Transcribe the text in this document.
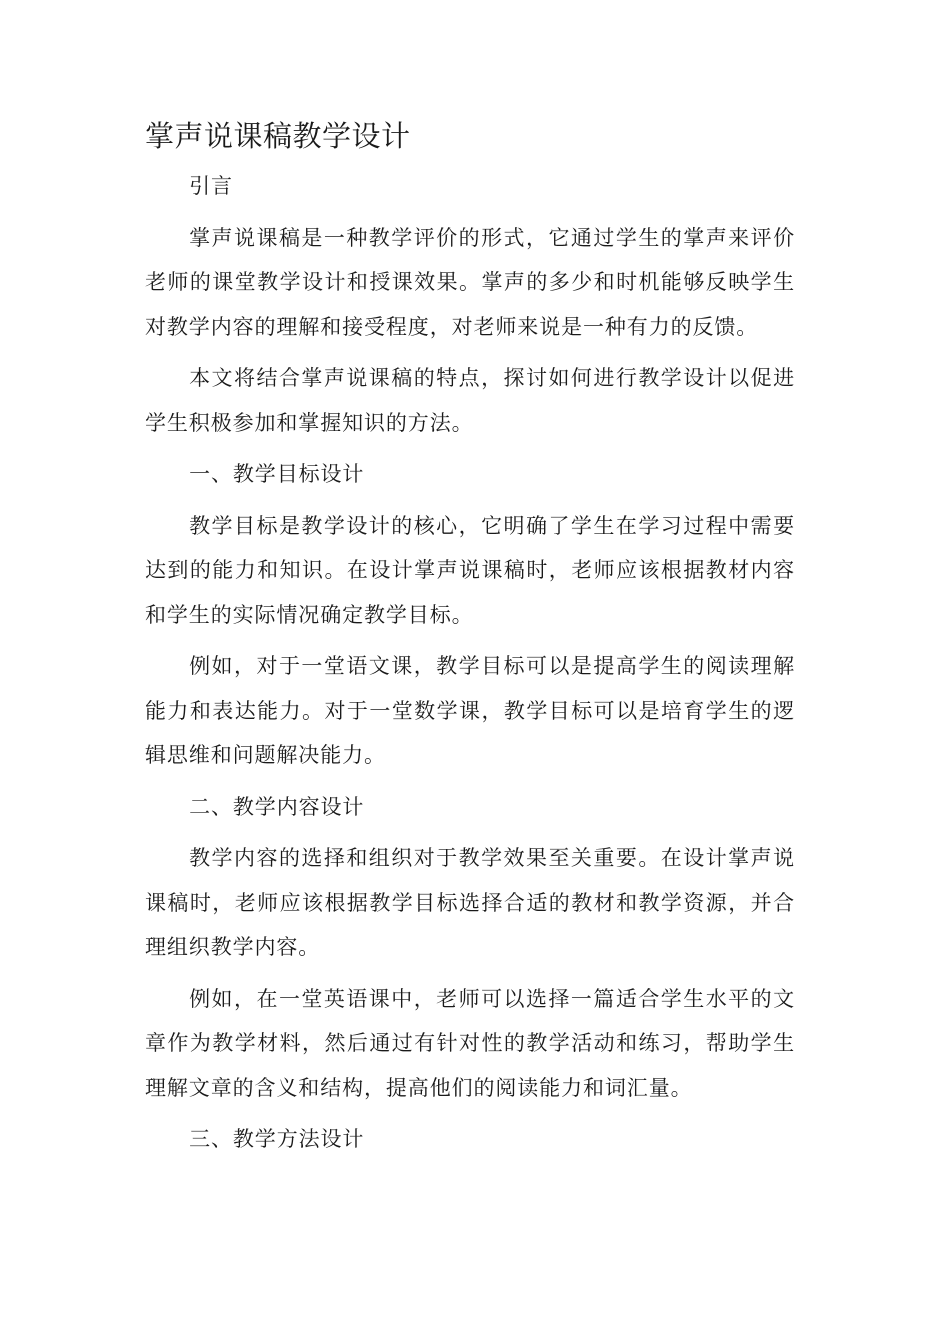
掌声说课稿教学设计

引言

掌声说课稿是一种教学评价的形式，它通过学生的掌声来评价老师的课堂教学设计和授课效果。掌声的多少和时机能够反映学生对教学内容的理解和接受程度，对老师来说是一种有力的反馈。

本文将结合掌声说课稿的特点，探讨如何进行教学设计以促进学生积极参加和掌握知识的方法。

一、教学目标设计

教学目标是教学设计的核心，它明确了学生在学习过程中需要达到的能力和知识。在设计掌声说课稿时，老师应该根据教材内容和学生的实际情况确定教学目标。

例如，对于一堂语文课，教学目标可以是提高学生的阅读理解能力和表达能力。对于一堂数学课，教学目标可以是培育学生的逻辑思维和问题解决能力。

二、教学内容设计

教学内容的选择和组织对于教学效果至关重要。在设计掌声说课稿时，老师应该根据教学目标选择合适的教材和教学资源，并合理组织教学内容。

例如，在一堂英语课中，老师可以选择一篇适合学生水平的文章作为教学材料，然后通过有针对性的教学活动和练习，帮助学生理解文章的含义和结构，提高他们的阅读能力和词汇量。

三、教学方法设计
